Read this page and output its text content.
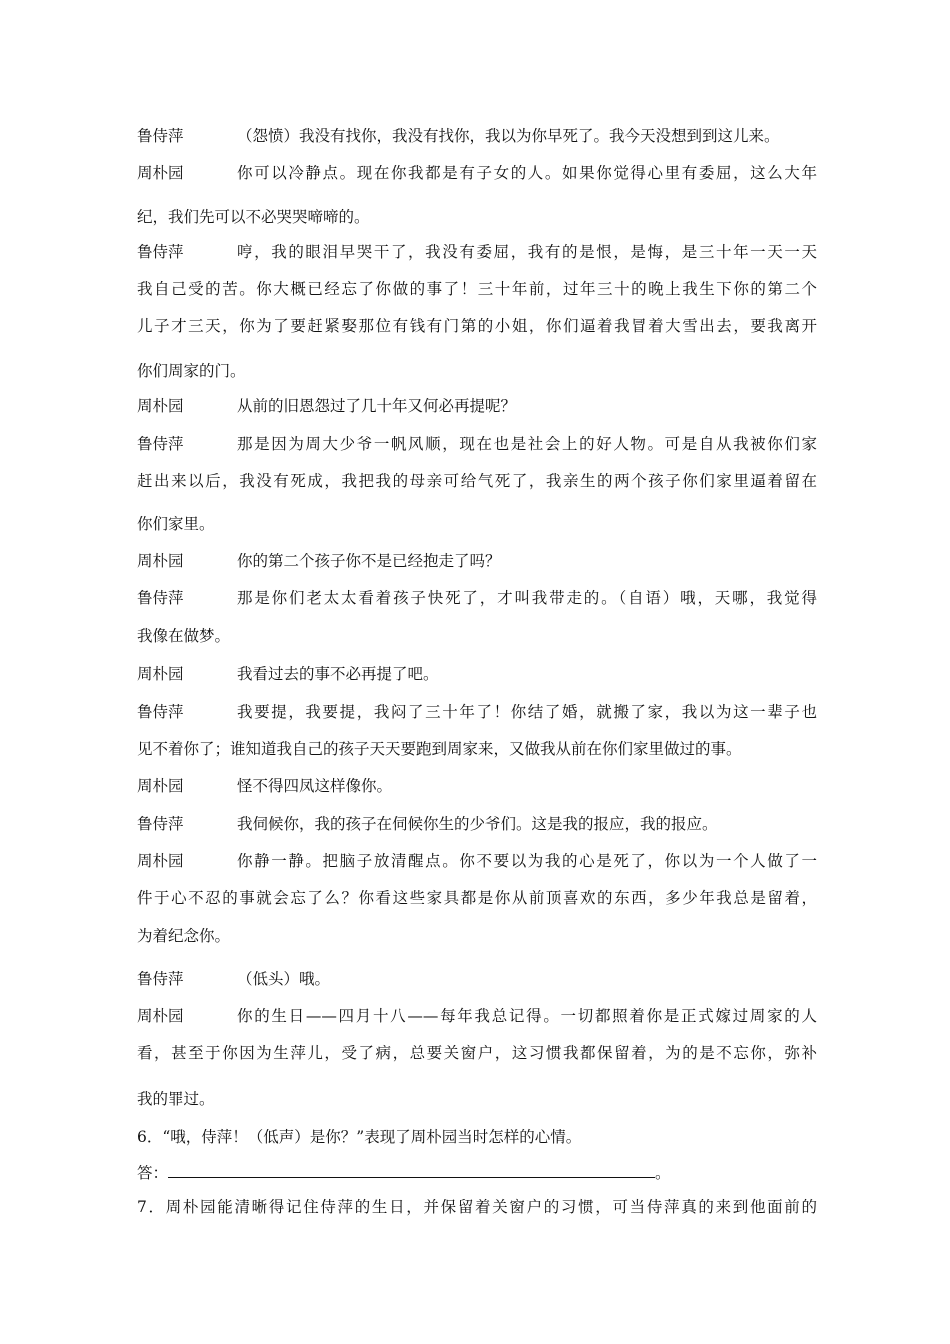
鲁侍萍	（怨愤）我没有找你，我没有找你，我以为你早死了。我今天没想到到这儿来。
周朴园	你可以冷静点。现在你我都是有子女的人。如果你觉得心里有委屈，这么大年
纪，我们先可以不必哭哭啼啼的。
鲁侍萍	哼，我的眼泪早哭干了，我没有委屈，我有的是恨，是悔，是三十年一天一天
我自己受的苦。你大概已经忘了你做的事了！三十年前，过年三十的晚上我生下你的第二个
儿子才三天，你为了要赶紧娶那位有钱有门第的小姐，你们逼着我冒着大雪出去，要我离开
你们周家的门。
周朴园	从前的旧恩怨过了几十年又何必再提呢？
鲁侍萍	那是因为周大少爷一帆风顺，现在也是社会上的好人物。可是自从我被你们家
赶出来以后，我没有死成，我把我的母亲可给气死了，我亲生的两个孩子你们家里逼着留在
你们家里。
周朴园	你的第二个孩子你不是已经抱走了吗？
鲁侍萍	那是你们老太太看着孩子快死了，才叫我带走的。（自语）哦，天哪，我觉得
我像在做梦。
周朴园	我看过去的事不必再提了吧。
鲁侍萍	我要提，我要提，我闷了三十年了！你结了婚，就搬了家，我以为这一辈子也
见不着你了；谁知道我自己的孩子天天要跑到周家来，又做我从前在你们家里做过的事。
周朴园	怪不得四凤这样像你。
鲁侍萍	我伺候你，我的孩子在伺候你生的少爷们。这是我的报应，我的报应。
周朴园	你静一静。把脑子放清醒点。你不要以为我的心是死了，你以为一个人做了一
件于心不忍的事就会忘了么？你看这些家具都是你从前顶喜欢的东西，多少年我总是留着，
为着纪念你。
鲁侍萍	（低头）哦。
周朴园	你的生日——四月十八——每年我总记得。一切都照着你是正式嫁过周家的人
看，甚至于你因为生萍儿，受了病，总要关窗户，这习惯我都保留着，为的是不忘你，弥补
我的罪过。
6．“哦，侍萍！（低声）是你？”表现了周朴园当时怎样的心情。
答：	。
7．周朴园能清晰得记住侍萍的生日，并保留着关窗户的习惯，可当侍萍真的来到他面前的
